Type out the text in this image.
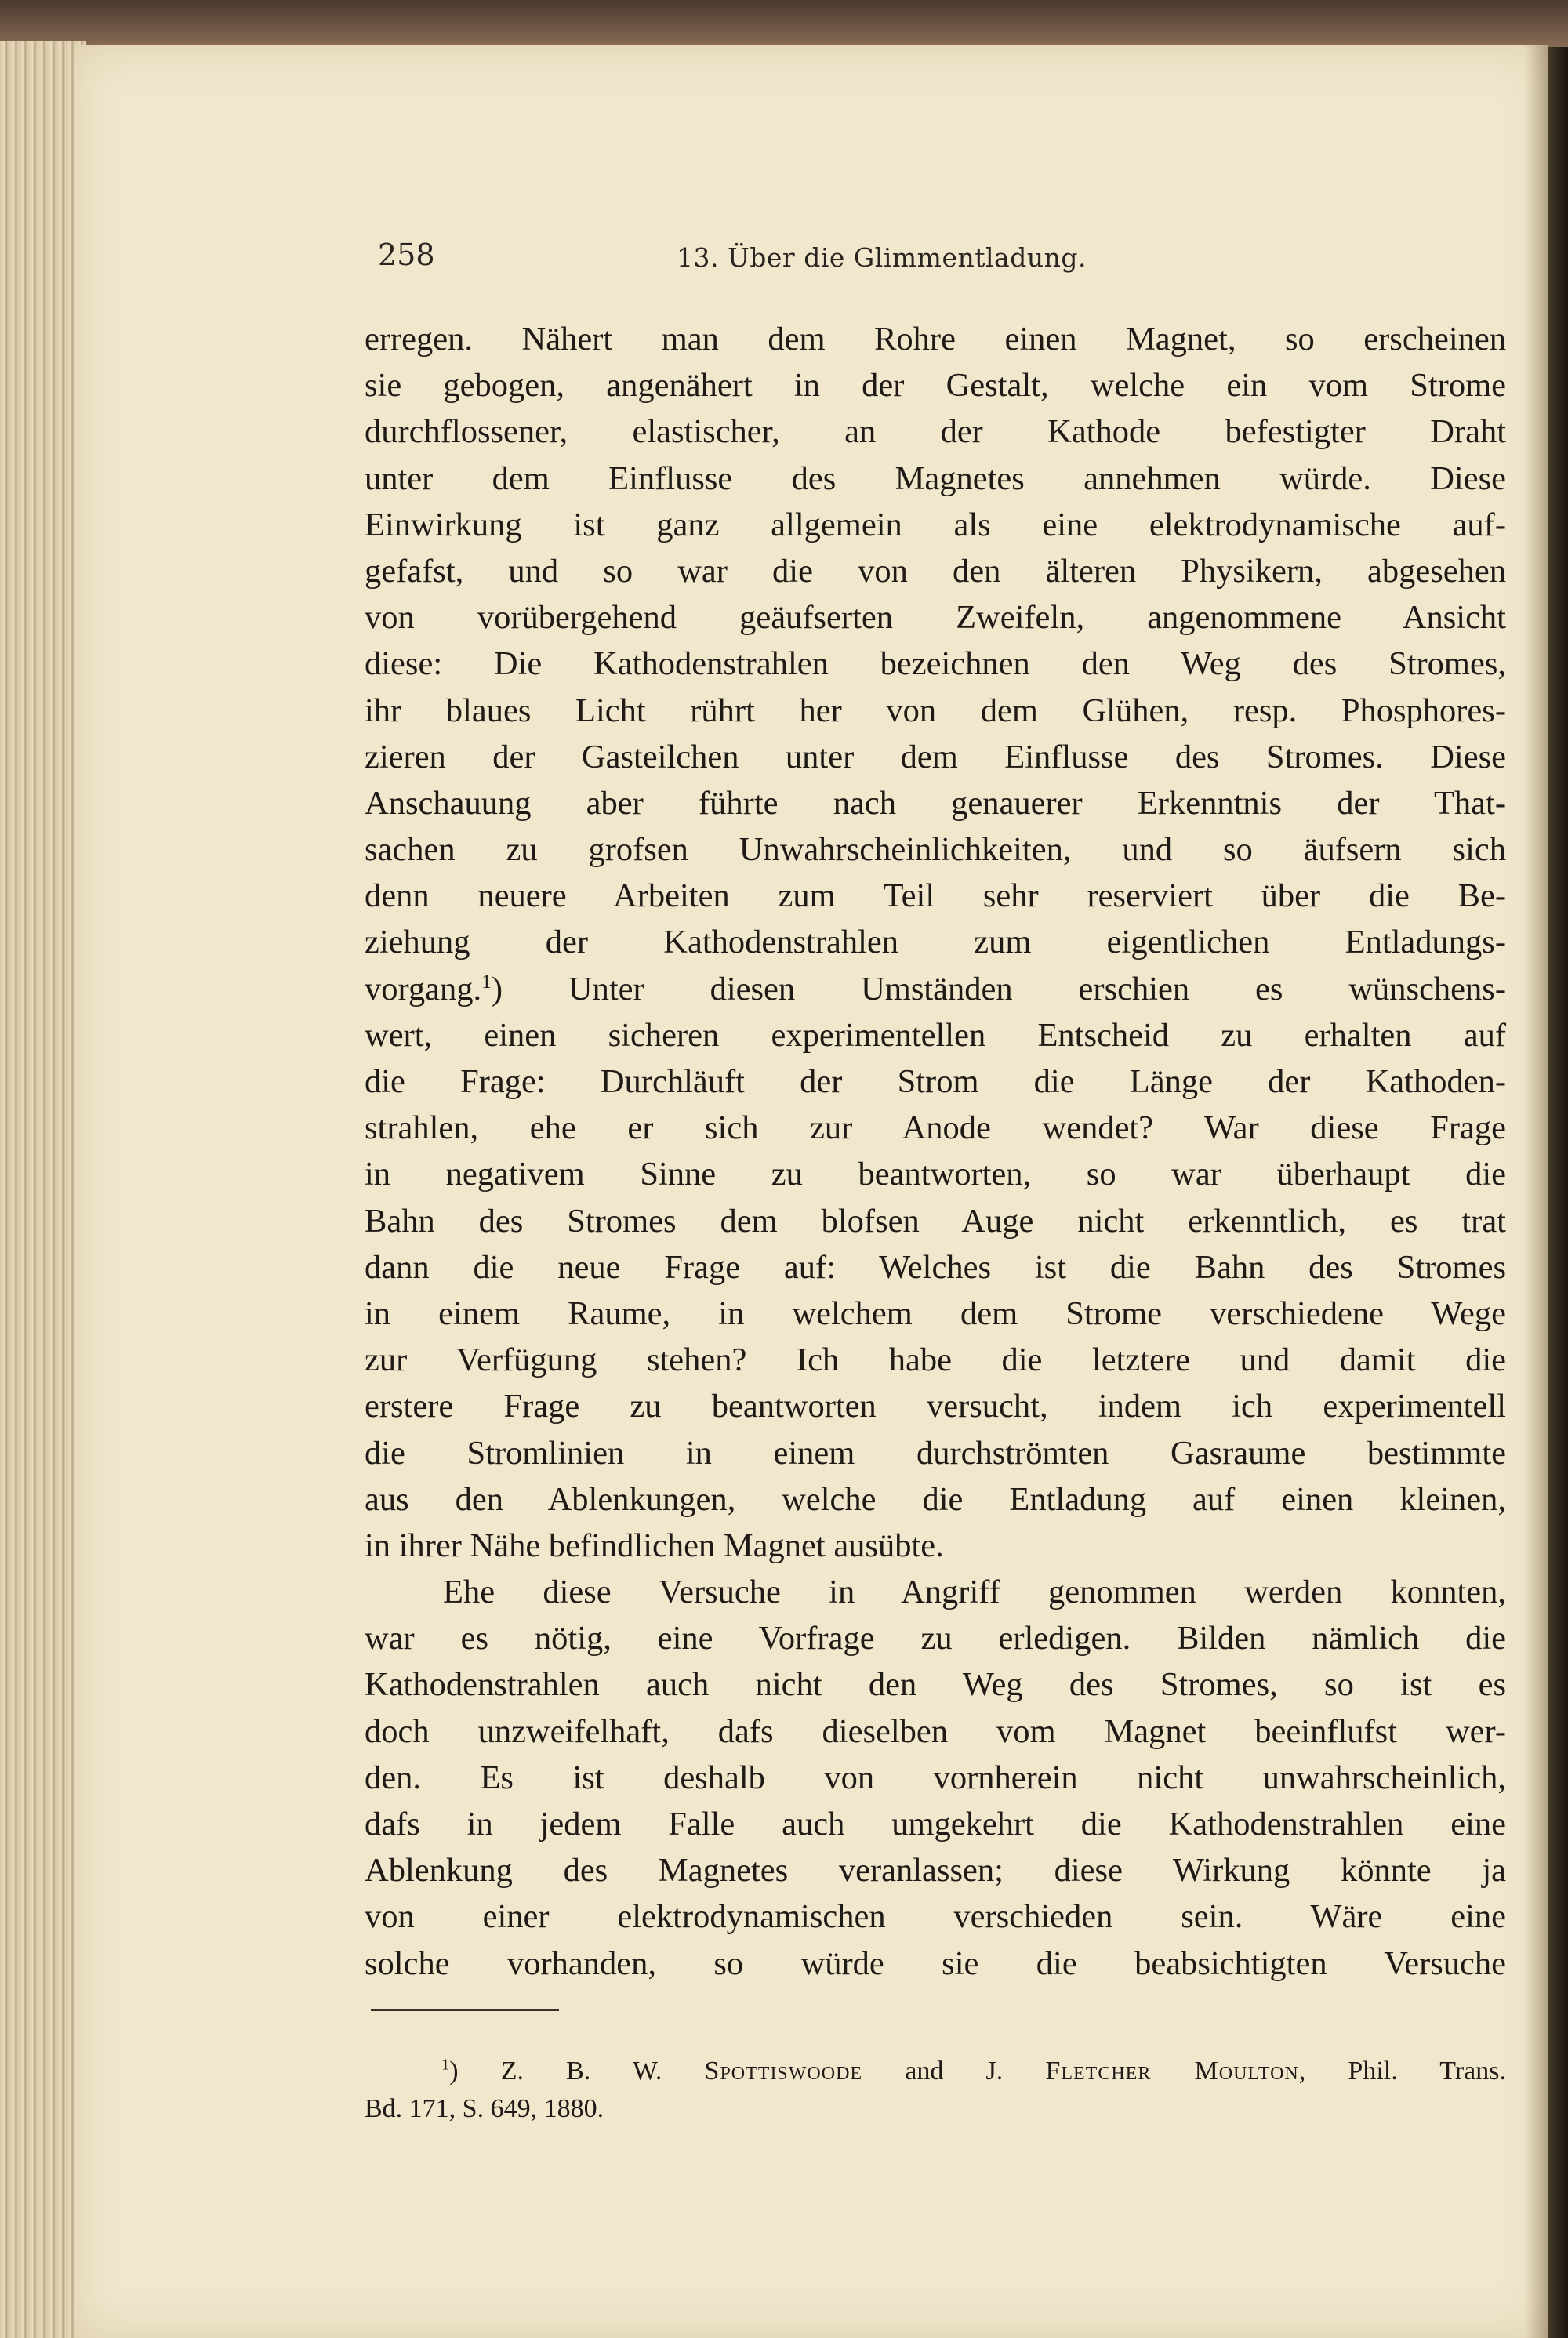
258	13. Über die Glimmentladung.
erregen. Nähert man dem Rohre einen Magnet, so erscheinen
sie gebogen, angenähert in der Gestalt, welche ein vom Strome
durchflossener, elastischer, an der Kathode befestigter Draht
unter dem Einflusse des Magnetes annehmen würde. Diese
Einwirkung ist ganz allgemein als eine elektrodynamische auf-
gefafst, und so war die von den älteren Physikern, abgesehen
von vorübergehend geäufserten Zweifeln, angenommene Ansicht
diese: Die Kathodenstrahlen bezeichnen den Weg des Stromes,
ihr blaues Licht rührt her von dem Glühen, resp. Phosphores-
zieren der Gasteilchen unter dem Einflusse des Stromes. Diese
Anschauung aber führte nach genauerer Erkenntnis der That-
sachen zu grofsen Unwahrscheinlichkeiten, und so äufsern sich
denn neuere Arbeiten zum Teil sehr reserviert über die Be-
ziehung der Kathodenstrahlen zum eigentlichen Entladungs-
vorgang.$^1$) Unter diesen Umständen erschien es wünschens-
wert, einen sicheren experimentellen Entscheid zu erhalten auf
die Frage: Durchläuft der Strom die Länge der Kathoden-
strahlen, ehe er sich zur Anode wendet? War diese Frage
in negativem Sinne zu beantworten, so war überhaupt die
Bahn des Stromes dem blofsen Auge nicht erkenntlich, es trat
dann die neue Frage auf: Welches ist die Bahn des Stromes
in einem Raume, in welchem dem Strome verschiedene Wege
zur Verfügung stehen? Ich habe die letztere und damit die
erstere Frage zu beantworten versucht, indem ich experimentell
die Stromlinien in einem durchströmten Gasraume bestimmte
aus den Ablenkungen, welche die Entladung auf einen kleinen,
in ihrer Nähe befindlichen Magnet ausübte.
Ehe diese Versuche in Angriff genommen werden konnten,
war es nötig, eine Vorfrage zu erledigen. Bilden nämlich die
Kathodenstrahlen auch nicht den Weg des Stromes, so ist es
doch unzweifelhaft, dafs dieselben vom Magnet beeinflufst wer-
den. Es ist deshalb von vornherein nicht unwahrscheinlich,
dafs in jedem Falle auch umgekehrt die Kathodenstrahlen eine
Ablenkung des Magnetes veranlassen; diese Wirkung könnte ja
von einer elektrodynamischen verschieden sein. Wäre eine
solche vorhanden, so würde sie die beabsichtigten Versuche
$^1$) Z. B. W. Spottiswoode and J. Fletcher Moulton, Phil. Trans.
Bd. 171, S. 649, 1880.
